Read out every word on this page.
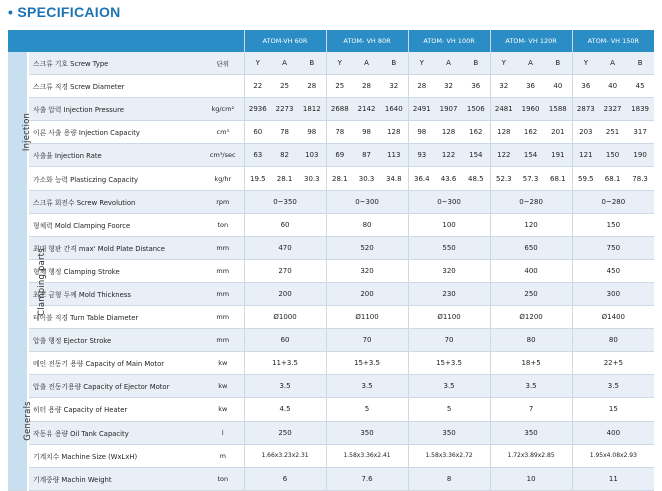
• SPECIFICAION
			ATOM-VH 60R			ATOM- VH 80R			ATOM- VH 100R			ATOM- VH 120R			ATOM- VH 150R		
Injection	스크류 기호 Screw Type	단위	Y	A	B	Y	A	B	Y	A	B	Y	A	B	Y	A	B
	스크류 직경 Screw Diameter		22	25	28	25	28	32	28	32	36	32	36	40	36	40	45
	사출 압력 Injection Pressure	kg/cm²	2936	2273	1812	2688	2142	1640	2491	1907	1506	2481	1960	1588	2873	2327	1839
	이론 사출 용량 Injection Capacity	cm³	60	78	98	78	98	128	98	128	162	128	162	201	203	251	317
	사출율 Injection Rate	cm³/sec	63	82	103	69	87	113	93	122	154	122	154	191	121	150	190
	가소화 능력 Plasticzing Capacity	kg/hr	19.5	28.1	30.3	28.1	30.3	34.8	36.4	43.6	48.5	52.3	57.3	68.1	59.5	68.1	78.3
	스크류 회전수 Screw Revolution	rpm	0~350			0~300			0~300			0~280			0~280		
Clamping parts	형체력 Mold Clamping Foorce	ton	60			80			100			120			150		
	최대 형판 간격 max' Mold Plate Distance	mm	470			520			550			650			750		
	형체 행정 Clamping Stroke	mm	270			320			320			400			450		
	최소 금형 두께 Mold Thickness	mm	200			200			230			250			300		
	테이블 직경 Turn Table Diameter	mm	Ø1000			Ø1100			Ø1100			Ø1200			Ø1400		
	압출 행정 Ejector Stroke	mm	60			70			70			80			80		
Generals	메인 전동기 용량 Capacity of Main Motor	kw	11+3.5			15+3.5			15+3.5			18+5			22+5		
	압출 전동기용량 Capacity of Ejector Motor	kw	3.5			3.5			3.5			3.5			3.5		
	히터 용량 Capacity of Heater	kw	4.5			5			5			7			15		
	작동유 용량 Oil Tank Capacity	l	250			350			350			350			400		
	기계치수 Machine Size (WxLxH)	m	1.66x3.23x2.31			1.58x3.36x2.41			1.58x3.36x2.72			1.72x3.89x2.85			1.95x4.08x2.93		
	기계중량 Machin Weight	ton	6			7.6			8			10			11		
